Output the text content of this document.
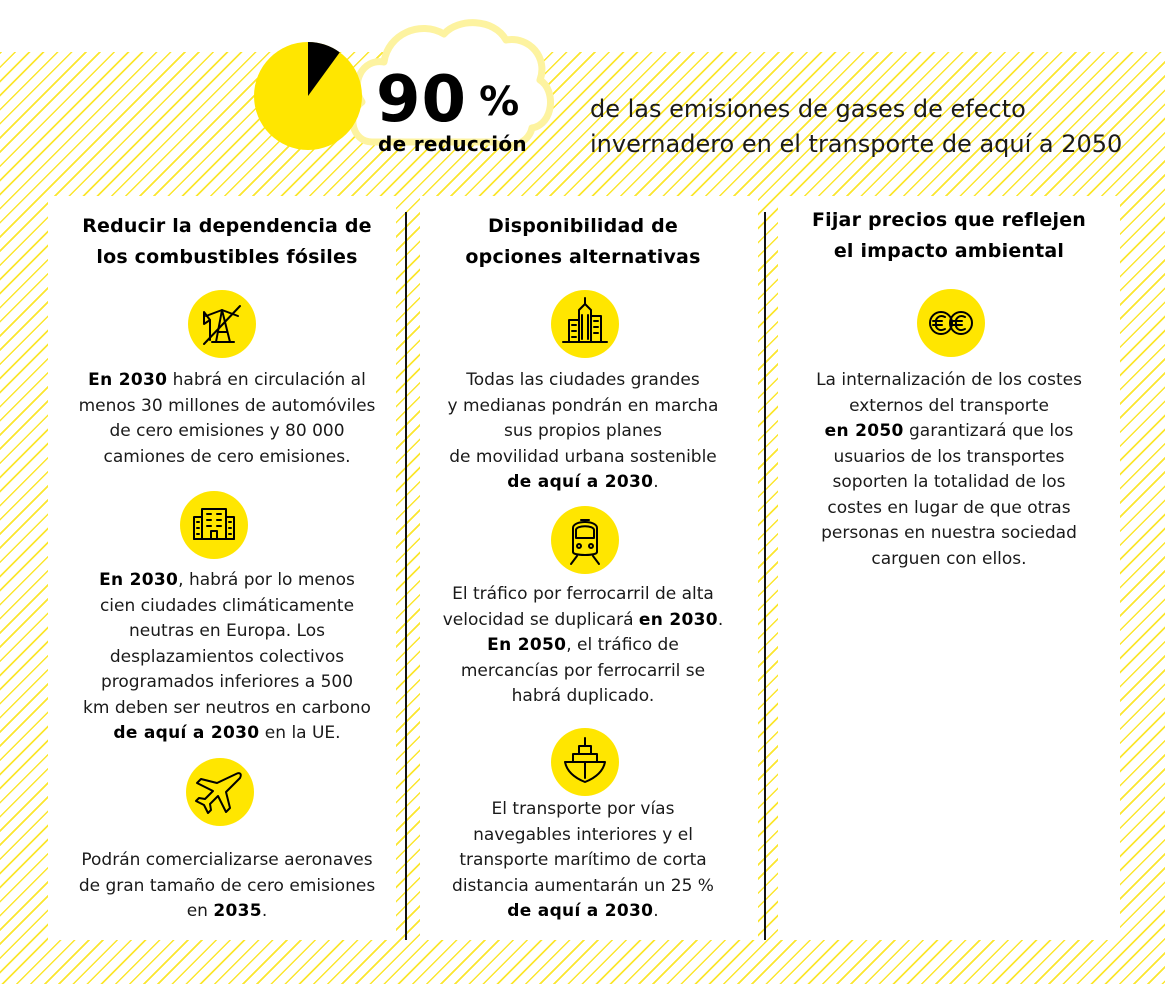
90 %
de reducción
de las emisiones de gases de efecto
invernadero en el transporte de aquí a 2050
Reducir la dependencia de
los combustibles fósiles
En 2030 habrá en circulación al
menos 30 millones de automóviles
de cero emisiones y 80 000
camiones de cero emisiones.
En 2030, habrá por lo menos
cien ciudades climáticamente
neutras en Europa. Los
desplazamientos colectivos
programados inferiores a 500
km deben ser neutros en carbono
de aquí a 2030 en la UE.
Podrán comercializarse aeronaves
de gran tamaño de cero emisiones
en 2035.
Disponibilidad de
opciones alternativas
Todas las ciudades grandes
y medianas pondrán en marcha
sus propios planes
de movilidad urbana sostenible
de aquí a 2030.
El tráfico por ferrocarril de alta
velocidad se duplicará en 2030.
En 2050, el tráfico de
mercancías por ferrocarril se
habrá duplicado.
El transporte por vías
navegables interiores y el
transporte marítimo de corta
distancia aumentarán un 25 %
de aquí a 2030.
Fijar precios que reflejen
el impacto ambiental
La internalización de los costes
externos del transporte
en 2050 garantizará que los
usuarios de los transportes
soporten la totalidad de los
costes en lugar de que otras
personas en nuestra sociedad
carguen con ellos.
